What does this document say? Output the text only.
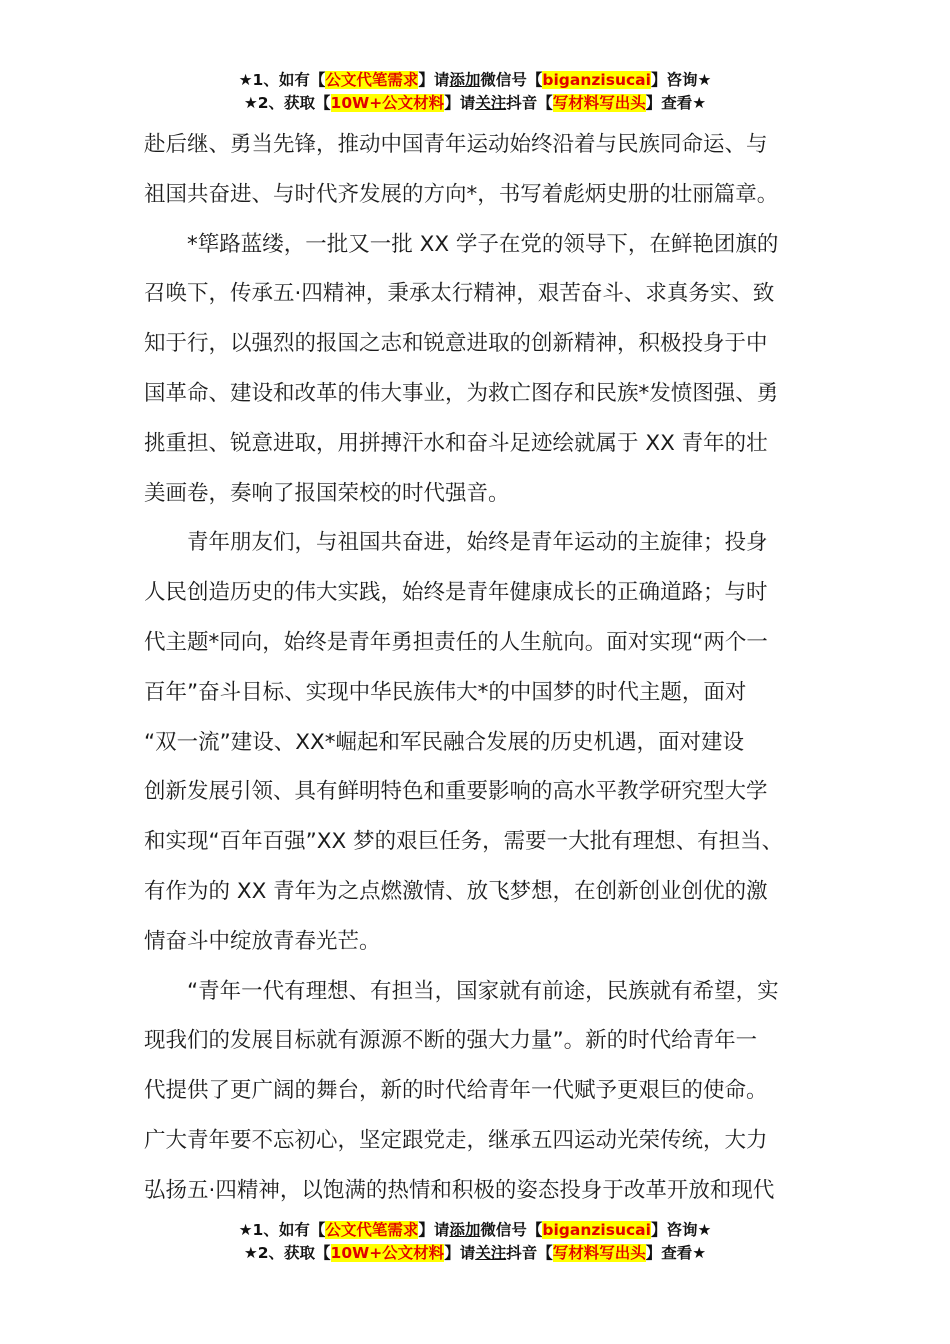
★1、如有【公文代笔需求】请添加微信号【biganzisucai】咨询★
★2、获取【10W+公文材料】请关注抖音【写材料写出头】查看★
赴后继、勇当先锋，推动中国青年运动始终沿着与民族同命运、与
祖国共奋进、与时代齐发展的方向*，书写着彪炳史册的壮丽篇章。
　　*筚路蓝缕，一批又一批 XX 学子在党的领导下，在鲜艳团旗的
召唤下，传承五·四精神，秉承太行精神，艰苦奋斗、求真务实、致
知于行，以强烈的报国之志和锐意进取的创新精神，积极投身于中
国革命、建设和改革的伟大事业，为救亡图存和民族*发愤图强、勇
挑重担、锐意进取，用拼搏汗水和奋斗足迹绘就属于 XX 青年的壮
美画卷，奏响了报国荣校的时代强音。
　　青年朋友们，与祖国共奋进，始终是青年运动的主旋律；投身
人民创造历史的伟大实践，始终是青年健康成长的正确道路；与时
代主题*同向，始终是青年勇担责任的人生航向。面对实现“两个一
百年”奋斗目标、实现中华民族伟大*的中国梦的时代主题，面对
“双一流”建设、XX*崛起和军民融合发展的历史机遇，面对建设
创新发展引领、具有鲜明特色和重要影响的高水平教学研究型大学
和实现“百年百强”XX 梦的艰巨任务，需要一大批有理想、有担当、
有作为的 XX 青年为之点燃激情、放飞梦想，在创新创业创优的激
情奋斗中绽放青春光芒。
　　“青年一代有理想、有担当，国家就有前途，民族就有希望，实
现我们的发展目标就有源源不断的强大力量”。新的时代给青年一
代提供了更广阔的舞台，新的时代给青年一代赋予更艰巨的使命。
广大青年要不忘初心，坚定跟党走，继承五四运动光荣传统，大力
弘扬五·四精神，以饱满的热情和积极的姿态投身于改革开放和现代
★1、如有【公文代笔需求】请添加微信号【biganzisucai】咨询★
★2、获取【10W+公文材料】请关注抖音【写材料写出头】查看★
